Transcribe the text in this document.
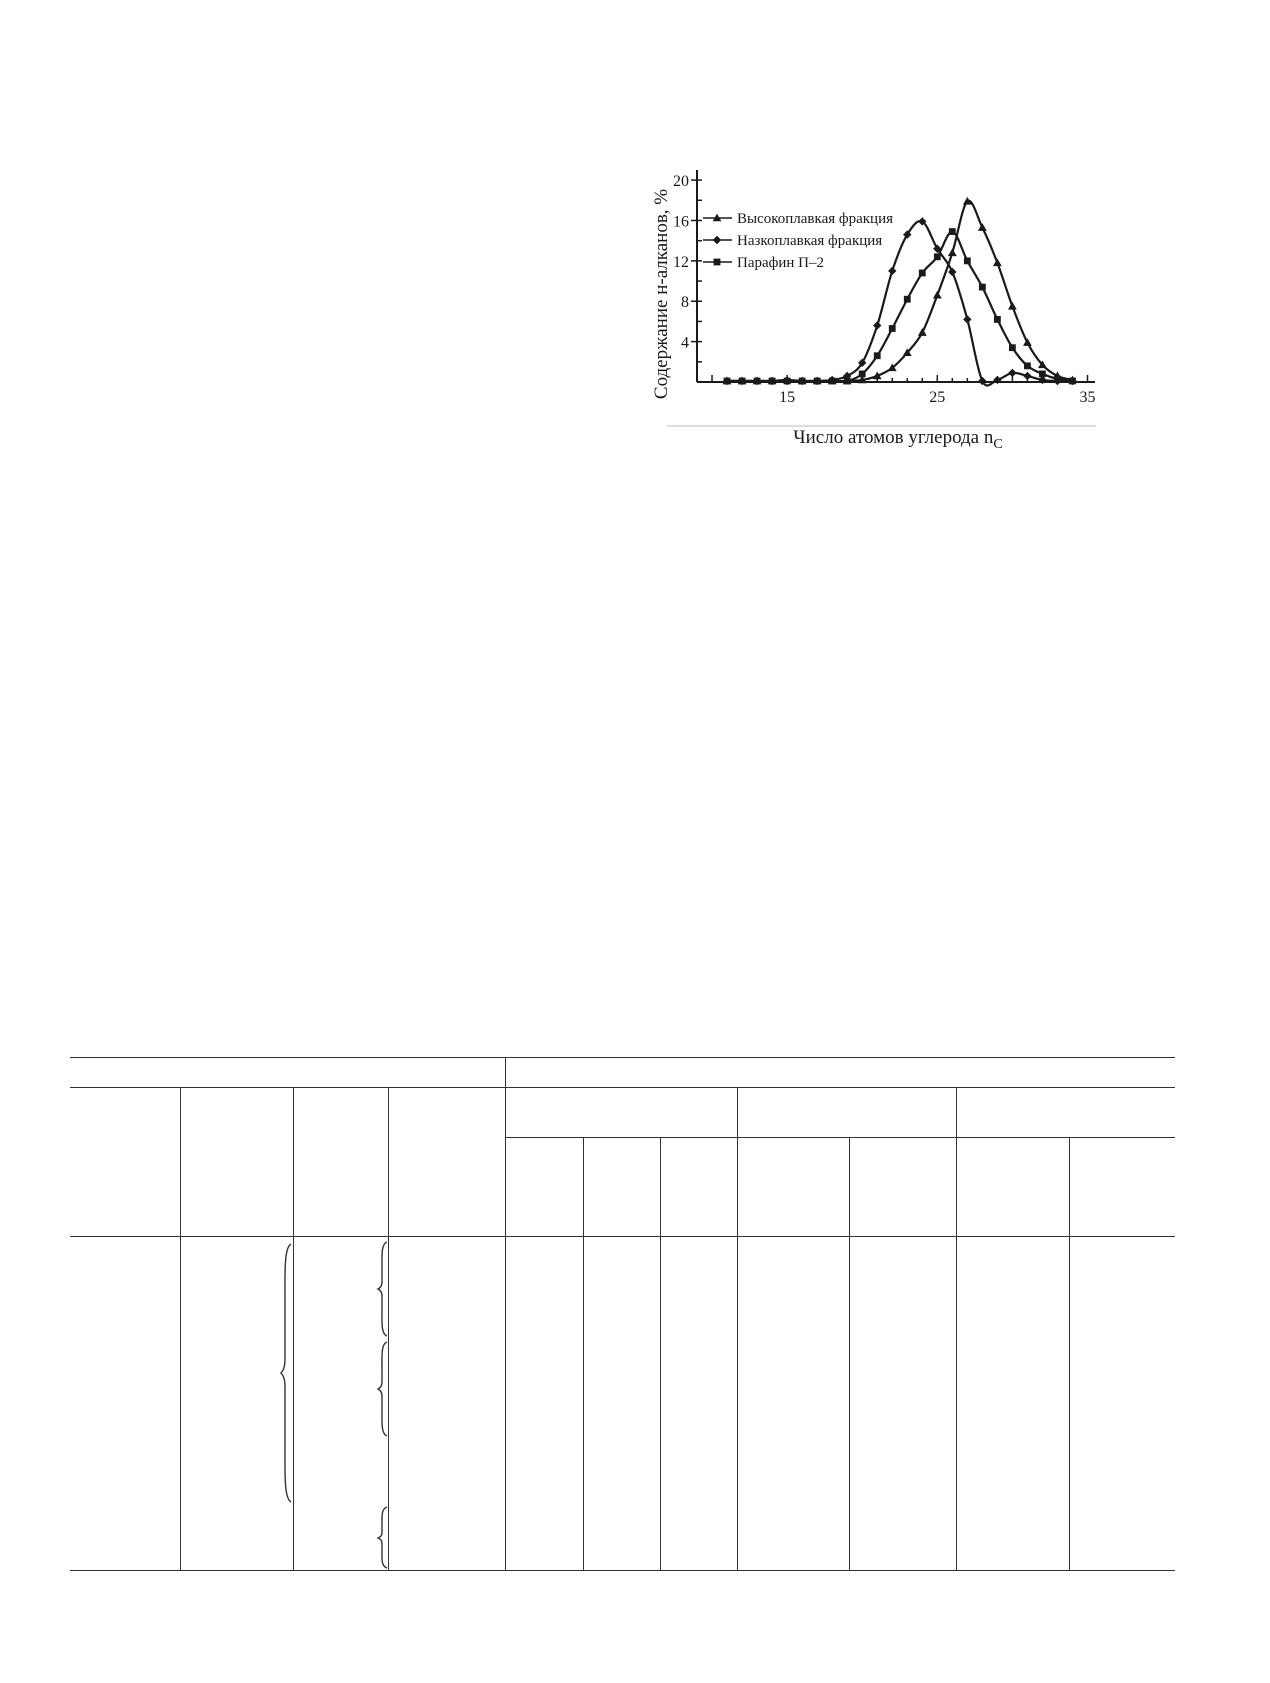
4
8
12
16
20
15	25	35
Высокоплавкая фракция
Назкоплавкая фракция
Парафин П–2
Содержание н-алканов, %
Число атомов углерода $n_C$
